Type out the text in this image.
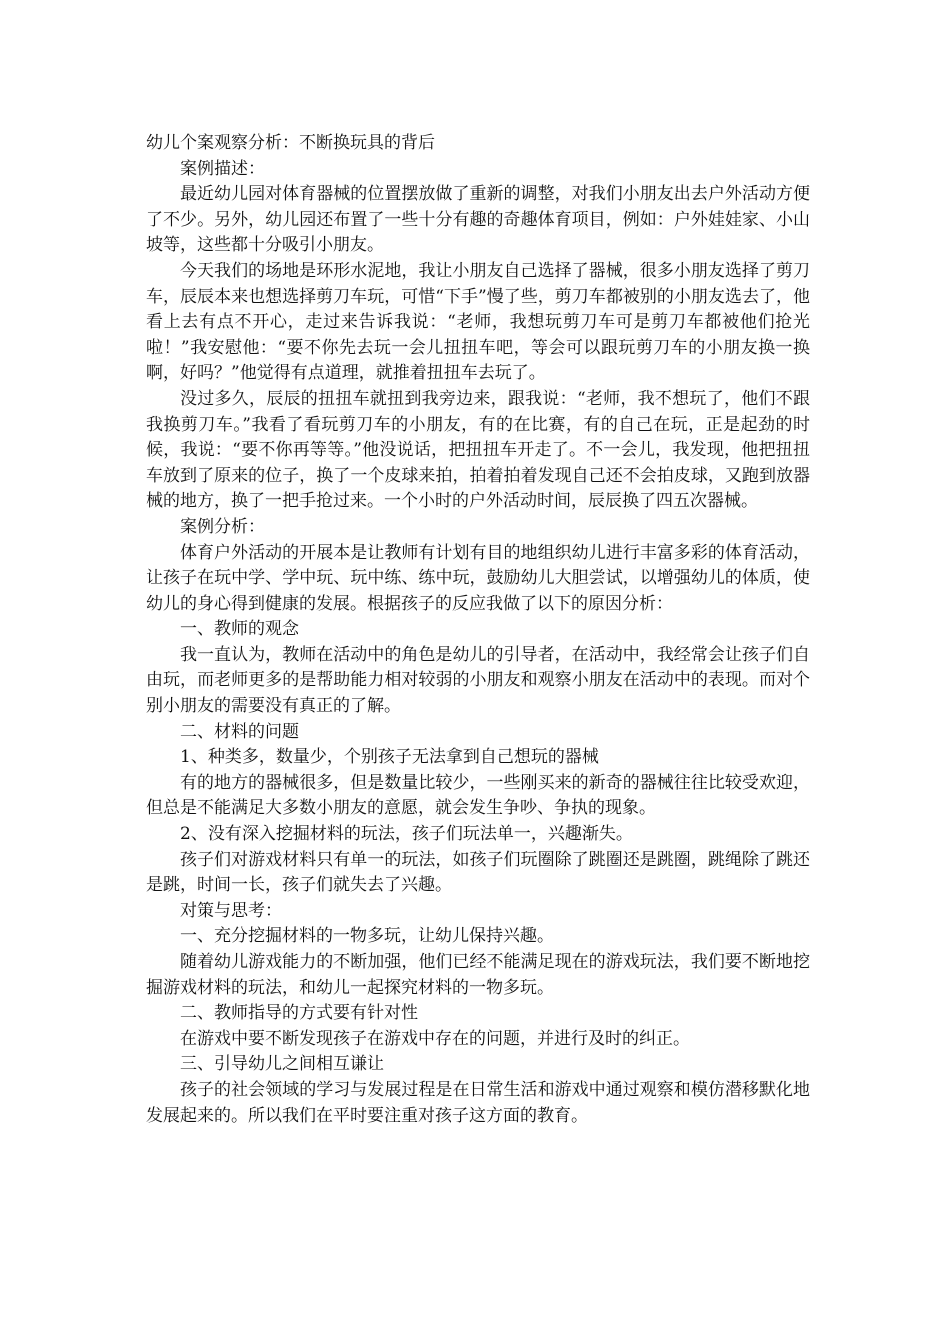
幼儿个案观察分析：不断换玩具的背后

案例描述：

最近幼儿园对体育器械的位置摆放做了重新的调整，对我们小朋友出去户外活动方便了不少。另外，幼儿园还布置了一些十分有趣的奇趣体育项目，例如：户外娃娃家、小山坡等，这些都十分吸引小朋友。

今天我们的场地是环形水泥地，我让小朋友自己选择了器械，很多小朋友选择了剪刀车，辰辰本来也想选择剪刀车玩，可惜“下手”慢了些，剪刀车都被别的小朋友选去了，他看上去有点不开心，走过来告诉我说：“老师，我想玩剪刀车可是剪刀车都被他们抢光啦！”我安慰他：“要不你先去玩一会儿扭扭车吧，等会可以跟玩剪刀车的小朋友换一换啊，好吗？”他觉得有点道理，就推着扭扭车去玩了。

没过多久，辰辰的扭扭车就扭到我旁边来，跟我说：“老师，我不想玩了，他们不跟我换剪刀车。”我看了看玩剪刀车的小朋友，有的在比赛，有的自己在玩，正是起劲的时候，我说：“要不你再等等。”他没说话，把扭扭车开走了。不一会儿，我发现，他把扭扭车放到了原来的位子，换了一个皮球来拍，拍着拍着发现自己还不会拍皮球，又跑到放器械的地方，换了一把手抢过来。一个小时的户外活动时间，辰辰换了四五次器械。

案例分析：

体育户外活动的开展本是让教师有计划有目的地组织幼儿进行丰富多彩的体育活动，让孩子在玩中学、学中玩、玩中练、练中玩，鼓励幼儿大胆尝试，以增强幼儿的体质，使幼儿的身心得到健康的发展。根据孩子的反应我做了以下的原因分析：

一、教师的观念

我一直认为，教师在活动中的角色是幼儿的引导者，在活动中，我经常会让孩子们自由玩，而老师更多的是帮助能力相对较弱的小朋友和观察小朋友在活动中的表现。而对个别小朋友的需要没有真正的了解。

二、材料的问题

1、种类多，数量少，个别孩子无法拿到自己想玩的器械

有的地方的器械很多，但是数量比较少，一些刚买来的新奇的器械往往比较受欢迎，但总是不能满足大多数小朋友的意愿，就会发生争吵、争执的现象。

2、没有深入挖掘材料的玩法，孩子们玩法单一，兴趣渐失。

孩子们对游戏材料只有单一的玩法，如孩子们玩圈除了跳圈还是跳圈，跳绳除了跳还是跳，时间一长，孩子们就失去了兴趣。

对策与思考：

一、充分挖掘材料的一物多玩，让幼儿保持兴趣。

随着幼儿游戏能力的不断加强，他们已经不能满足现在的游戏玩法，我们要不断地挖掘游戏材料的玩法，和幼儿一起探究材料的一物多玩。

二、教师指导的方式要有针对性

在游戏中要不断发现孩子在游戏中存在的问题，并进行及时的纠正。

三、引导幼儿之间相互谦让

孩子的社会领域的学习与发展过程是在日常生活和游戏中通过观察和模仿潜移默化地发展起来的。所以我们在平时要注重对孩子这方面的教育。
